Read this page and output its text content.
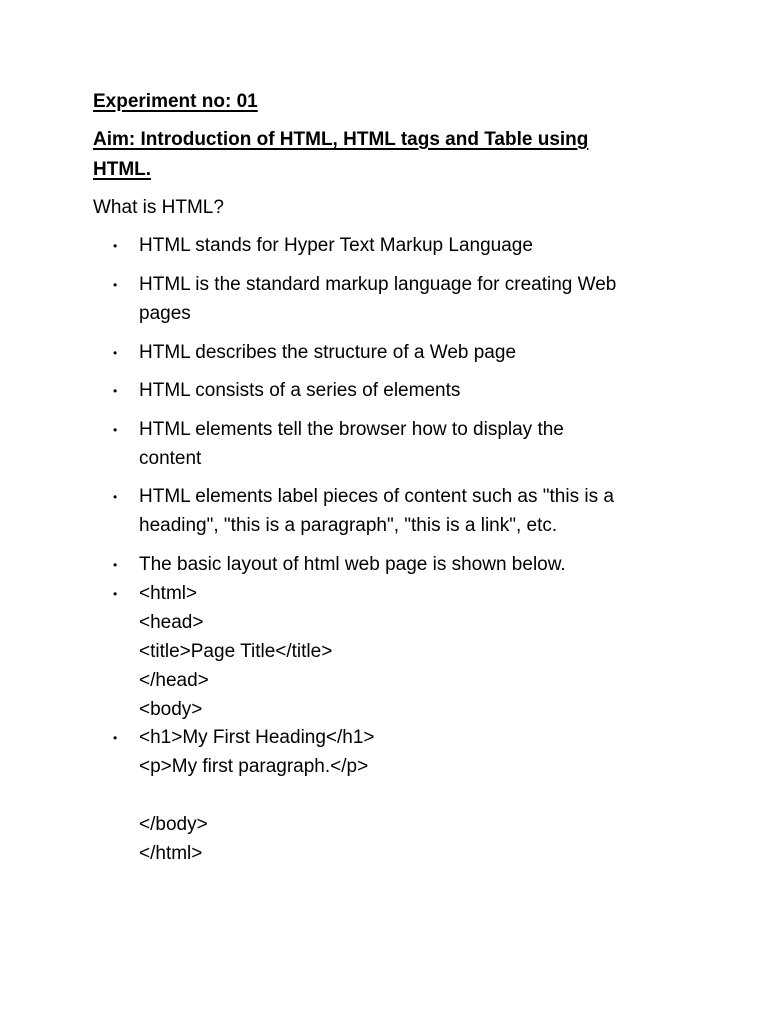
Experiment no: 01
Aim: Introduction of HTML, HTML tags and Table using
HTML.
What is HTML?
• HTML stands for Hyper Text Markup Language
• HTML is the standard markup language for creating Web
pages
• HTML describes the structure of a Web page
• HTML consists of a series of elements
• HTML elements tell the browser how to display the
content
• HTML elements label pieces of content such as "this is a
heading", "this is a paragraph", "this is a link", etc.
• The basic layout of html web page is shown below.
• <html>
<head>
<title>Page Title</title>
</head>
<body>
• <h1>My First Heading</h1>
<p>My first paragraph.</p>
</body>
</html>
